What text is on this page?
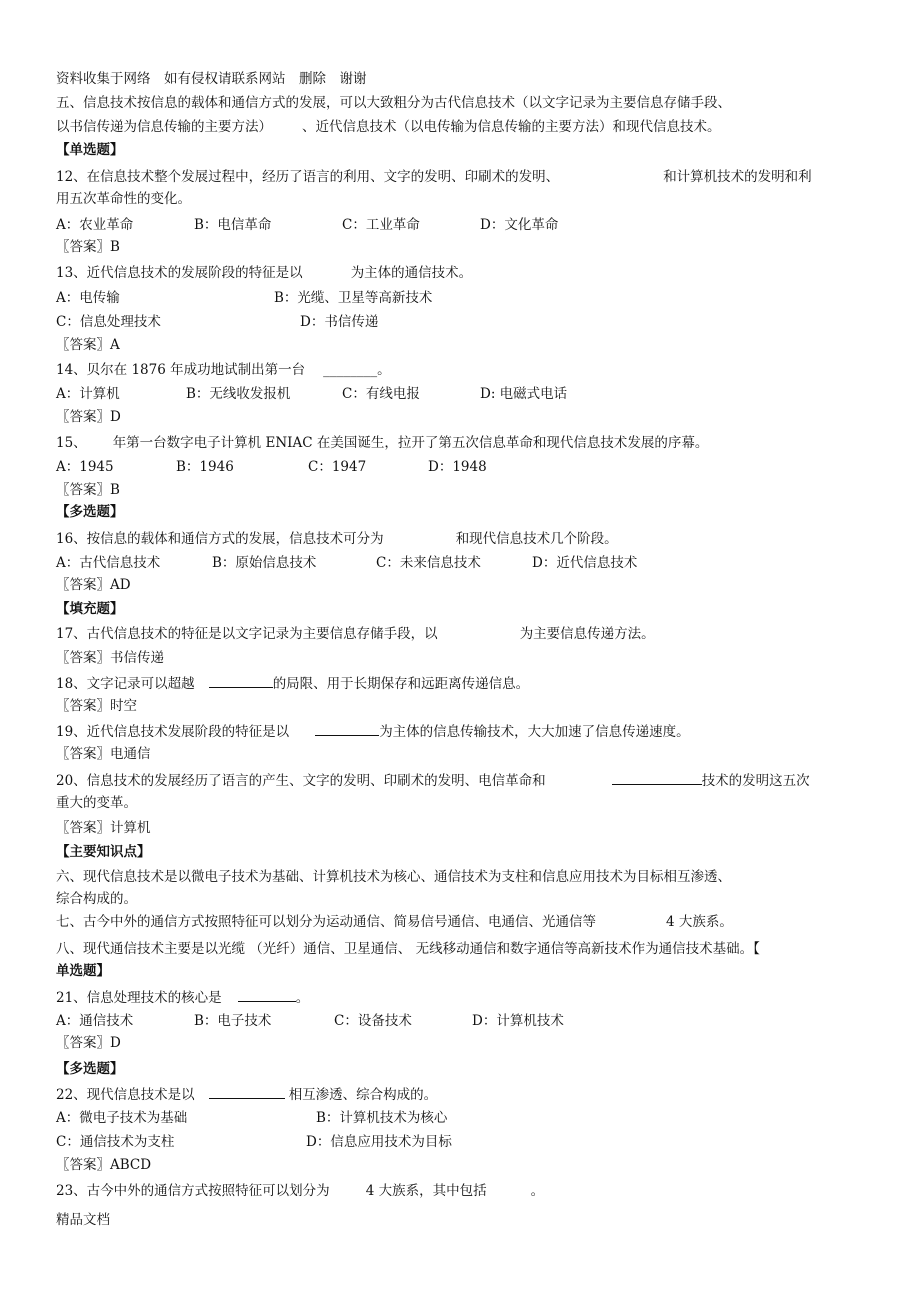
资料收集于网络　如有侵权请联系网站　删除　谢谢
五、信息技术按信息的载体和通信方式的发展，可以大致粗分为古代信息技术（以文字记录为主要信息存储手段、
以书信传递为信息传输的主要方法） 、近代信息技术（以电传输为信息传输的主要方法）和现代信息技术。
【单选题】
12、在信息技术整个发展过程中，经历了语言的利用、文字的发明、印刷术的发明、	和计算机技术的发明和利
用五次革命性的变化。
A：农业革命	B：电信革命	C：工业革命	D：文化革命
〖答案〗B
13、近代信息技术的发展阶段的特征是以	为主体的通信技术。
A：电传输	B：光缆、卫星等高新技术
C：信息处理技术	D：书信传递
〖答案〗A
14、贝尔在 1876 年成功地试制出第一台 ________。
A：计算机	B：无线收发报机	C：有线电报	D: 电磁式电话
〖答案〗D
15、 年第一台数字电子计算机 ENIAC 在美国诞生，拉开了第五次信息革命和现代信息技术发展的序幕。
A：1945	B：1946	C：1947	D：1948
〖答案〗B
【多选题】
16、按信息的载体和通信方式的发展，信息技术可分为	和现代信息技术几个阶段。
A：古代信息技术	B：原始信息技术	C：未来信息技术	D：近代信息技术
〖答案〗AD
【填充题】
17、古代信息技术的特征是以文字记录为主要信息存储手段，以	为主要信息传递方法。
〖答案〗书信传递
18、文字记录可以超越	的局限、用于长期保存和远距离传递信息。
〖答案〗时空
19、近代信息技术发展阶段的特征是以	为主体的信息传输技术，大大加速了信息传递速度。
〖答案〗电通信
20、信息技术的发展经历了语言的产生、文字的发明、印刷术的发明、电信革命和	技术的发明这五次
重大的变革。
〖答案〗计算机
【主要知识点】
六、现代信息技术是以微电子技术为基础、计算机技术为核心、通信技术为支柱和信息应用技术为目标相互渗透、
综合构成的。
七、古今中外的通信方式按照特征可以划分为运动通信、简易信号通信、电通信、光通信等	4 大族系。
八、现代通信技术主要是以光缆 （光纤）通信、卫星通信、 无线移动通信和数字通信等高新技术作为通信技术基础。【
单选题】
21、信息处理技术的核心是	。
A：通信技术	B：电子技术	C：设备技术	D：计算机技术
〖答案〗D
【多选题】
22、现代信息技术是以	相互渗透、综合构成的。
A：微电子技术为基础	B：计算机技术为核心
C：通信技术为支柱	D：信息应用技术为目标
〖答案〗ABCD
23、古今中外的通信方式按照特征可以划分为	4 大族系，其中包括	。
精品文档
